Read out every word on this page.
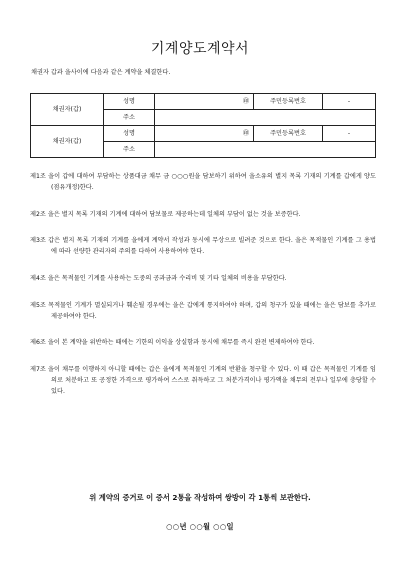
기계양도계약서
채권자 갑과 을사이에 다음과 같은 계약을 체결한다.
채권자(갑)	성명	㊞	주민등록번호	-
	주소			
채권자(갑)	성명	㊞	주민등록번호	-
	주소			

제1조 을이 갑에 대하여 부담하는 상품대금 채무 금 ○○○원을 담보하기 위하여 을소유의 별지 목록 기재의 기계를 갑에게 양도(점유개정)한다.

제2조 을은 별지 목록 기재의 기계에 대하여 담보물로 제공하는데 일체의 부담이 없는 것을 보증한다.

제3조 갑은 별지 목록 기재의 기계를 을에게 계약서 작성과 동시에 무상으로 빌려준 것으로 한다. 을은 목적물인 기계를 그 용법에 따라 선량한 관리자의 주의를 다하여 사용하여야 한다.

제4조 을은 목적물인 기계를 사용하는 도중의 공과금과 수리비 및 기타 일체의 비용을 부담한다.

제5조 목적물인 기계가 멸실되거나 훼손될 경우에는 을은 갑에게 통지하여야 하며, 갑의 청구가 있을 때에는 을은 담보를 추가로 제공하여야 한다.

제6조 을이 본 계약을 위반하는 때에는 기한의 이익을 상실함과 동시에 채무를 즉시 완전 변제하여야 한다.

제7조 을이 채무를 이행하지 아니할 때에는 갑은 을에게 목적물인 기계의 반환을 청구할 수 있다. 이 때 갑은 목적물인 기계를 임의로 처분하고 또 공정한 가격으로 평가하여 스스로 취득하고 그 처분가격이나 평가액을 채무의 전부나 일부에 충당할 수 있다.

위 계약의 증거로 이 증서 2통을 작성하여 쌍방이 각 1통씩 보관한다.
○○년 ○○월 ○○일
